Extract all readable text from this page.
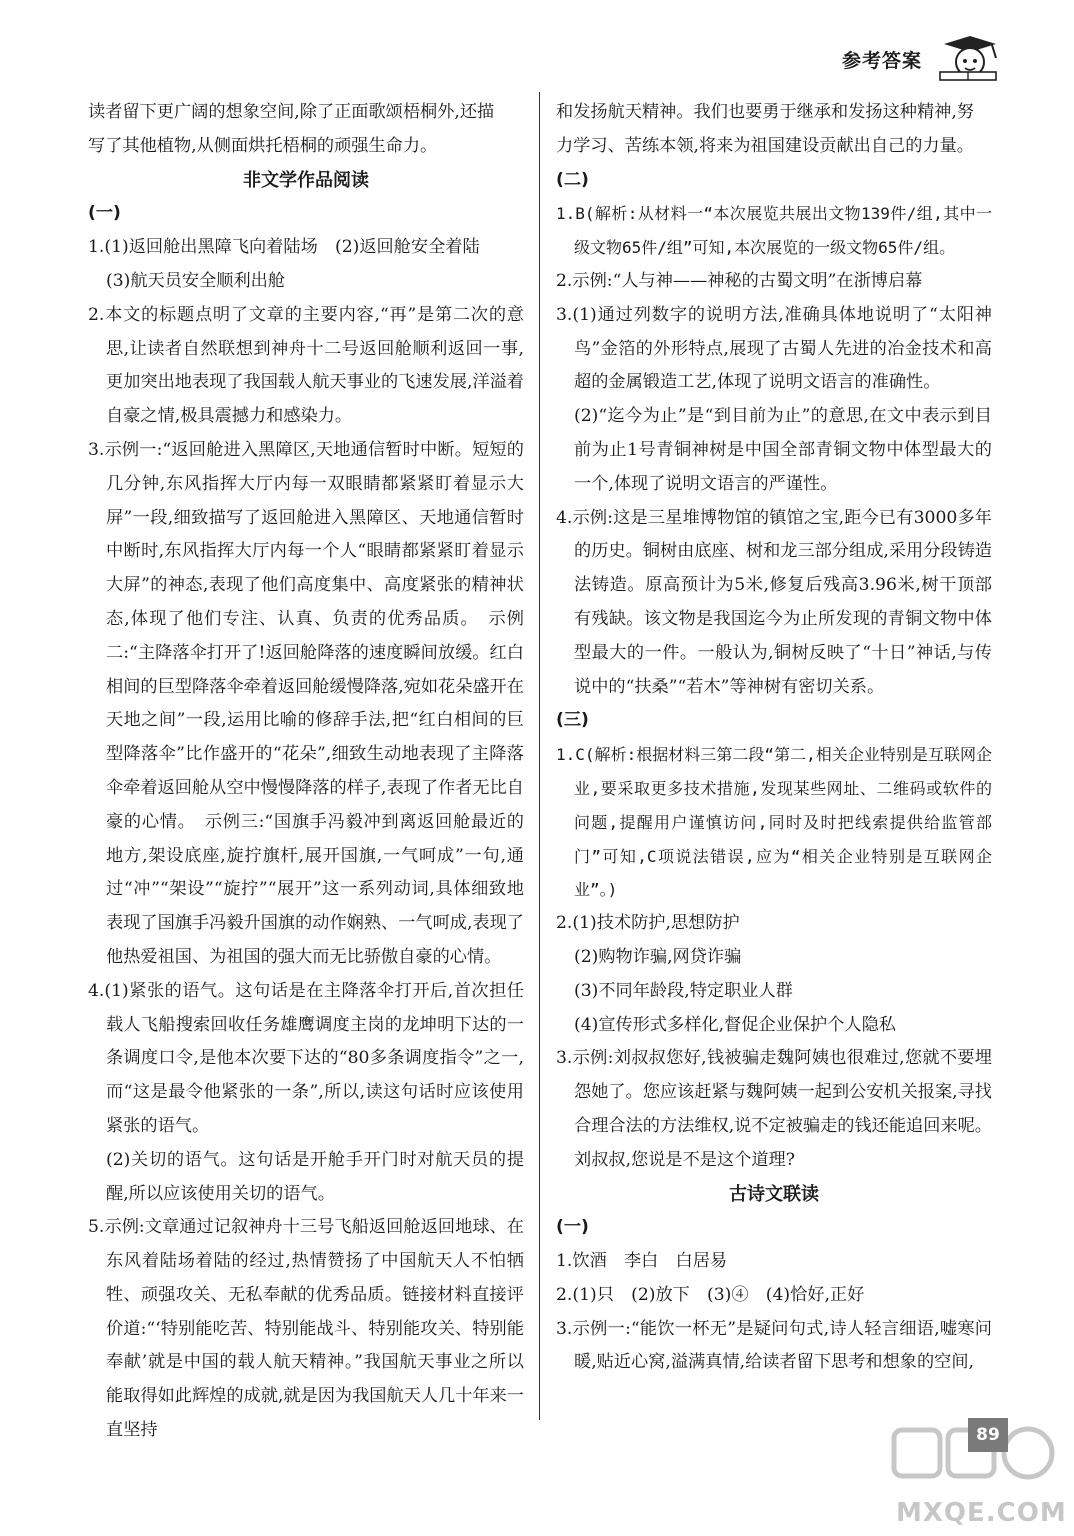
参考答案

读者留下更广阔的想象空间,除了正面歌颂梧桐外,还描

写了其他植物,从侧面烘托梧桐的顽强生命力。

非文学作品阅读

(一)

1.(1)返回舱出黑障飞向着陆场　(2)返回舱安全着陆

(3)航天员安全顺利出舱

2.本文的标题点明了文章的主要内容,“再”是第二次的意思,让读者自然联想到神舟十二号返回舱顺利返回一事,更加突出地表现了我国载人航天事业的飞速发展,洋溢着自豪之情,极具震撼力和感染力。

3.示例一:“返回舱进入黑障区,天地通信暂时中断。短短的几分钟,东风指挥大厅内每一双眼睛都紧紧盯着显示大屏”一段,细致描写了返回舱进入黑障区、天地通信暂时中断时,东风指挥大厅内每一个人“眼睛都紧紧盯着显示大屏”的神态,表现了他们高度集中、高度紧张的精神状态,体现了他们专注、认真、负责的优秀品质。　示例二:“主降落伞打开了!返回舱降落的速度瞬间放缓。红白相间的巨型降落伞牵着返回舱缓慢降落,宛如花朵盛开在天地之间”一段,运用比喻的修辞手法,把“红白相间的巨型降落伞”比作盛开的“花朵”,细致生动地表现了主降落伞牵着返回舱从空中慢慢降落的样子,表现了作者无比自豪的心情。　示例三:“国旗手冯毅冲到离返回舱最近的地方,架设底座,旋拧旗杆,展开国旗,一气呵成”一句,通过“冲”“架设”“旋拧”“展开”这一系列动词,具体细致地表现了国旗手冯毅升国旗的动作娴熟、一气呵成,表现了他热爱祖国、为祖国的强大而无比骄傲自豪的心情。

4.(1)紧张的语气。这句话是在主降落伞打开后,首次担任载人飞船搜索回收任务雄鹰调度主岗的龙坤明下达的一条调度口令,是他本次要下达的“80多条调度指令”之一,而“这是最令他紧张的一条”,所以,读这句话时应该使用紧张的语气。

(2)关切的语气。这句话是开舱手开门时对航天员的提醒,所以应该使用关切的语气。

5.示例:文章通过记叙神舟十三号飞船返回舱返回地球、在东风着陆场着陆的经过,热情赞扬了中国航天人不怕牺牲、顽强攻关、无私奉献的优秀品质。链接材料直接评价道:“‘特别能吃苦、特别能战斗、特别能攻关、特别能奉献’就是中国的载人航天精神。”我国航天事业之所以能取得如此辉煌的成就,就是因为我国航天人几十年来一直坚持

和发扬航天精神。我们也要勇于继承和发扬这种精神,努

力学习、苦练本领,将来为祖国建设贡献出自己的力量。

(二)

1.B(解析:从材料一“本次展览共展出文物139件/组,其中一级文物65件/组”可知,本次展览的一级文物65件/组。

2.示例:“人与神——神秘的古蜀文明”在浙博启幕

3.(1)通过列数字的说明方法,准确具体地说明了“太阳神鸟”金箔的外形特点,展现了古蜀人先进的冶金技术和高超的金属锻造工艺,体现了说明文语言的准确性。

(2)“迄今为止”是“到目前为止”的意思,在文中表示到目前为止1号青铜神树是中国全部青铜文物中体型最大的一个,体现了说明文语言的严谨性。

4.示例:这是三星堆博物馆的镇馆之宝,距今已有3000多年的历史。铜树由底座、树和龙三部分组成,采用分段铸造法铸造。原高预计为5米,修复后残高3.96米,树干顶部有残缺。该文物是我国迄今为止所发现的青铜文物中体型最大的一件。一般认为,铜树反映了“十日”神话,与传说中的“扶桑”“若木”等神树有密切关系。

(三)

1.C(解析:根据材料三第二段“第二,相关企业特别是互联网企业,要采取更多技术措施,发现某些网址、二维码或软件的问题,提醒用户谨慎访问,同时及时把线索提供给监管部门”可知,C项说法错误,应为“相关企业特别是互联网企业”。)

2.(1)技术防护,思想防护

(2)购物诈骗,网贷诈骗

(3)不同年龄段,特定职业人群

(4)宣传形式多样化,督促企业保护个人隐私

3.示例:刘叔叔您好,钱被骗走魏阿姨也很难过,您就不要埋怨她了。您应该赶紧与魏阿姨一起到公安机关报案,寻找合理合法的方法维权,说不定被骗走的钱还能追回来呢。刘叔叔,您说是不是这个道理?

古诗文联读

(一)

1.饮酒　李白　白居易

2.(1)只　(2)放下　(3)④　(4)恰好,正好

3.示例一:“能饮一杯无”是疑问句式,诗人轻言细语,嘘寒问暖,贴近心窝,溢满真情,给读者留下思考和想象的空间,

MXQE.COM
89
